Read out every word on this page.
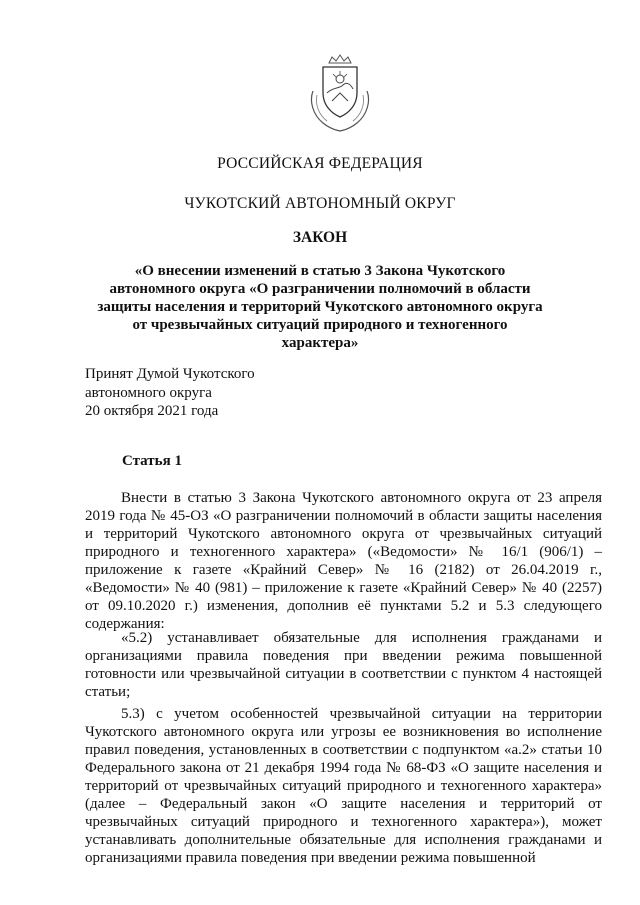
РОССИЙСКАЯ ФЕДЕРАЦИЯ
ЧУКОТСКИЙ АВТОНОМНЫЙ ОКРУГ
ЗАКОН
«О внесении изменений в статью 3 Закона Чукотского автономного округа «О разграничении полномочий в области защиты населения и территорий Чукотского автономного округа от чрезвычайных ситуаций природного и техногенного характера»
Принят Думой Чукотского
автономного округа
20 октября 2021 года
Статья 1

Внести в статью 3 Закона Чукотского автономного округа от 23 апреля 2019 года № 45-ОЗ «О разграничении полномочий в области защиты населения и территорий Чукотского автономного округа от чрезвычайных ситуаций природного и техногенного характера» («Ведомости» № 16/1 (906/1) – приложение к газете «Крайний Север» № 16 (2182) от 26.04.2019 г., «Ведомости» № 40 (981) – приложение к газете «Крайний Север» № 40 (2257) от 09.10.2020 г.) изменения, дополнив её пунктами 5.2 и 5.3 следующего содержания:

«5.2) устанавливает обязательные для исполнения гражданами и организациями правила поведения при введении режима повышенной готовности или чрезвычайной ситуации в соответствии с пунктом 4 настоящей статьи;

5.3) с учетом особенностей чрезвычайной ситуации на территории Чукотского автономного округа или угрозы ее возникновения во исполнение правил поведения, установленных в соответствии с подпунктом «а.2» статьи 10 Федерального закона от 21 декабря 1994 года № 68-ФЗ «О защите населения и территорий от чрезвычайных ситуаций природного и техногенного характера» (далее – Федеральный закон «О защите населения и территорий от чрезвычайных ситуаций природного и техногенного характера»), может устанавливать дополнительные обязательные для исполнения гражданами и организациями правила поведения при введении режима повышенной
